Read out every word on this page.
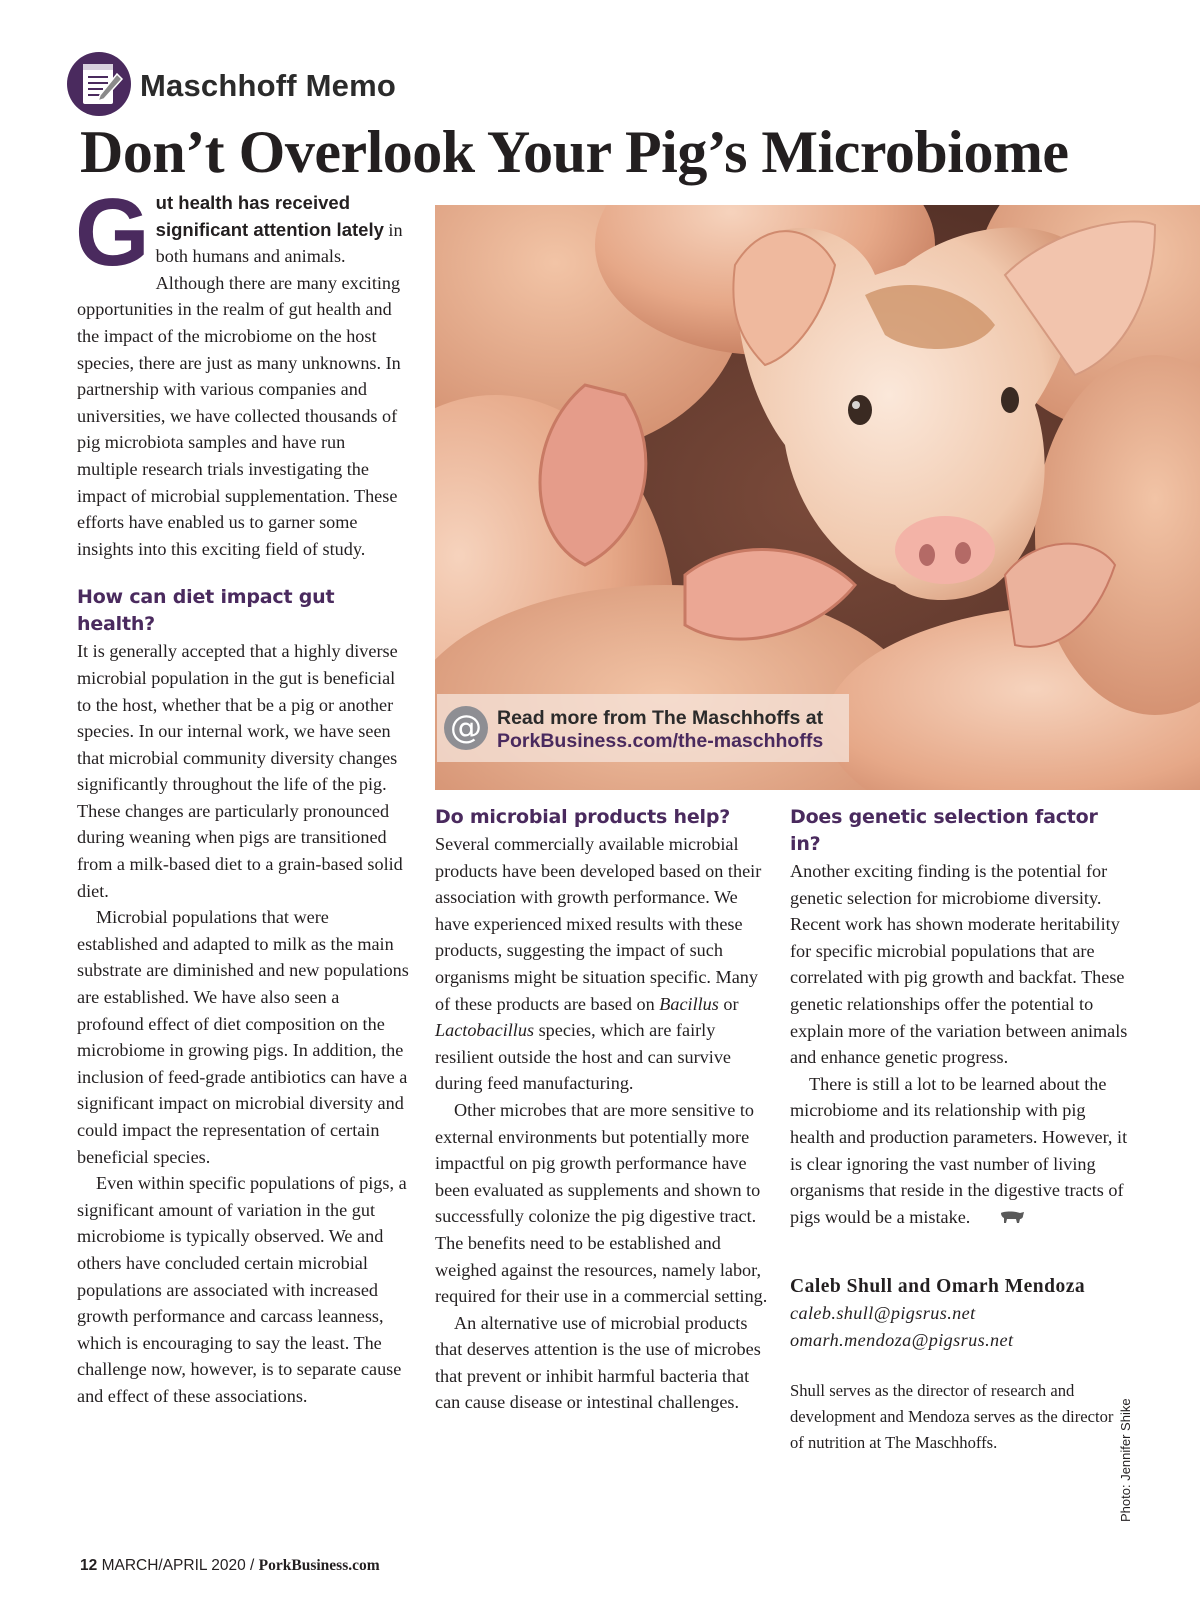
Maschhoff Memo
Don’t Overlook Your Pig’s Microbiome

Gut health has received
significant attention lately in both humans and animals. Although there are many exciting opportunities in the realm of gut health and the impact of the microbiome on the host species, there are just as many unknowns. In partnership with various companies and universities, we have collected thousands of pig microbiota samples and have run multiple research trials investigating the impact of microbial supplementation. These efforts have enabled us to garner some insights into this exciting field of study.

How can diet impact gut health?

It is generally accepted that a highly diverse microbial population in the gut is beneficial to the host, whether that be a pig or another species. In our internal work, we have seen that microbial community diversity changes significantly throughout the life of the pig. These changes are particularly pronounced during weaning when pigs are transitioned from a milk-based diet to a grain-based solid diet.

Microbial populations that were established and adapted to milk as the main substrate are diminished and new populations are established. We have also seen a profound effect of diet composition on the microbiome in growing pigs. In addition, the inclusion of feed-grade antibiotics can have a significant impact on microbial diversity and could impact the representation of certain beneficial species.

Even within specific populations of pigs, a significant amount of variation in the gut microbiome is typically observed. We and others have concluded certain microbial populations are associated with increased growth performance and carcass leanness, which is encouraging to say the least. The challenge now, however, is to separate cause and effect of these associations.

@ Read more from The Maschhoffs at
PorkBusiness.com/the-maschhoffs
Do microbial products help?

Several commercially available microbial products have been developed based on their association with growth performance. We have experienced mixed results with these products, suggesting the impact of such organisms might be situation specific. Many of these products are based on Bacillus or Lactobacillus species, which are fairly resilient outside the host and can survive during feed manufacturing.

Other microbes that are more sensitive to external environments but potentially more impactful on pig growth performance have been evaluated as supplements and shown to successfully colonize the pig digestive tract. The benefits need to be established and weighed against the resources, namely labor, required for their use in a commercial setting.

An alternative use of microbial products that deserves attention is the use of microbes that prevent or inhibit harmful bacteria that can cause disease or intestinal challenges.

Does genetic selection factor in?

Another exciting finding is the potential for genetic selection for microbiome diversity. Recent work has shown moderate heritability for specific microbial populations that are correlated with pig growth and backfat. These genetic relationships offer the potential to explain more of the variation between animals and enhance genetic progress.

There is still a lot to be learned about the microbiome and its relationship with pig health and production parameters. However, it is clear ignoring the vast number of living organisms that reside in the digestive tracts of pigs would be a mistake.

Caleb Shull and Omarh Mendoza
caleb.shull@pigsrus.net
omarh.mendoza@pigsrus.net

Shull serves as the director of research and development and Mendoza serves as the director of nutrition at The Maschhoffs.	Photo: Jennifer Shike
12 MARCH/APRIL 2020 / PorkBusiness.com
